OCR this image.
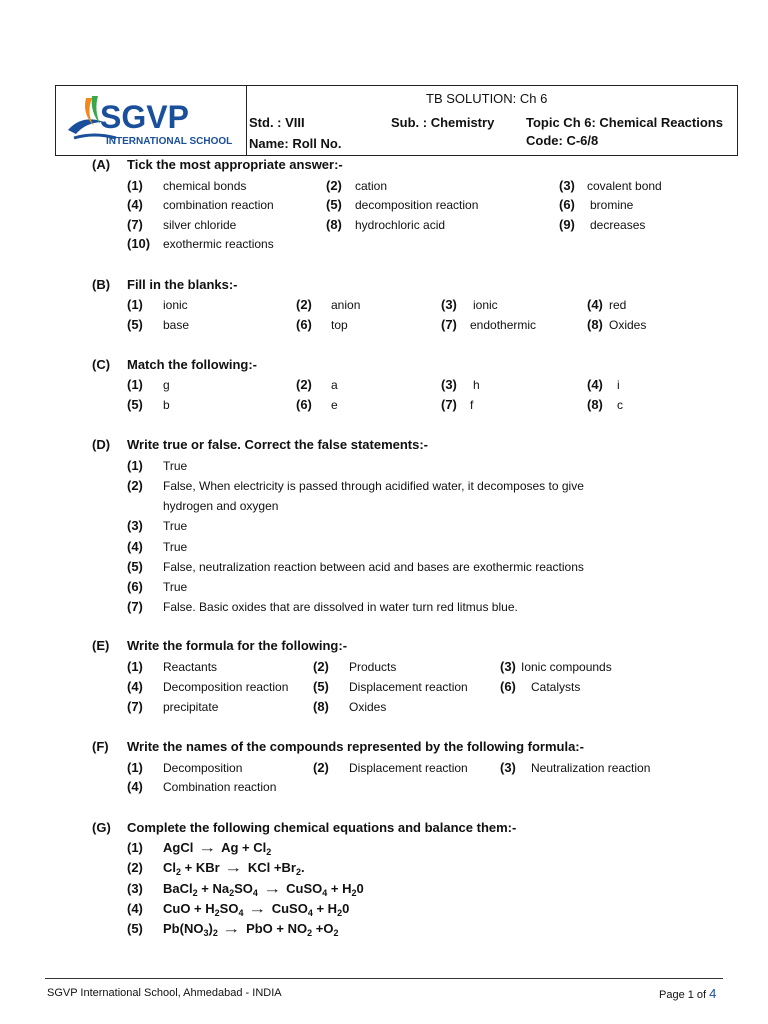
SGVP
INTERNATIONAL SCHOOL
TB SOLUTION: Ch 6
Std. : VIII	Sub. : Chemistry Topic Ch 6: Chemical Reactions
Name: Roll No.	Code: C-6/8
(A) Tick the most appropriate answer:-
(1) chemical bonds	(2) cation	(3) covalent bond
(4) combination reaction	(5) decomposition reaction	(6) bromine
(7) silver chloride	(8) hydrochloric acid	(9) decreases
(10) exothermic reactions
(B) Fill in the blanks:-
(1) ionic	(2) anion	(3) ionic	(4) red
(5) base	(6) top	(7) endothermic	(8) Oxides
(C) Match the following:-
(1) g	(2) a	(3) h	(4) i
(5) b	(6) e	(7) f	(8) c
(D) Write true or false. Correct the false statements:-
(1) True
(2) False, When electricity is passed through acidified water, it decomposes to give
hydrogen and oxygen
(3) True
(4) True
(5) False, neutralization reaction between acid and bases are exothermic reactions
(6) True
(7) False. Basic oxides that are dissolved in water turn red litmus blue.
(E) Write the formula for the following:-
(1) Reactants	(2) Products	(3) Ionic compounds
(4) Decomposition reaction (5) Displacement reaction (6) Catalysts
(7) precipitate	(8) Oxides
(F) Write the names of the compounds represented by the following formula:-
(1) Decomposition	(2) Displacement reaction (3) Neutralization reaction
(4) Combination reaction
(G) Complete the following chemical equations and balance them:-
(1) AgCl → $Ag + Cl_2$
(2) $Cl_2$ + KBr → KCl $+Br_2$.
(3) BaCl$_2$ + $Na_2SO_4$ → CuSO$_4$ + $H_20$
(4) CuO + $H_2SO_4$ → CuSO$_4$ + $H_20$
(5) $Pb(NO_3)_2$ → PbO + $NO_2 +O_2$
SGVP International School, Ahmedabad - INDIA	Page 1 of 4
